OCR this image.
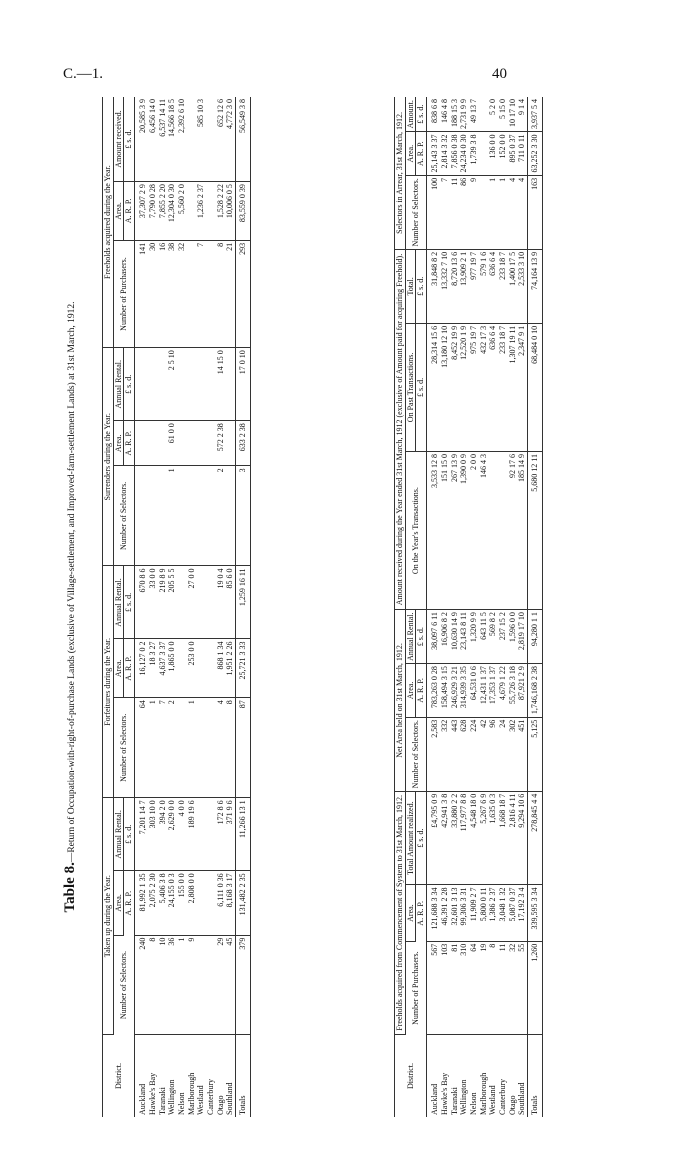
C.—1.	40
Table 8.—Return of Occupation-with-right-of-purchase Lands (exclusive of Village-settlement, and Improved-farm-settlement Lands) at 31st March, 1912.
District.	Taken up during the Year.			Forfeitures during the Year.			Surrenders during the Year.			Freeholds acquired during the Year.		
	Number of Selectors.	Area.	Annual Rental.	Number of Selectors.	Area.	Annual Rental.	Number of Selectors.	Area.	Annual Rental.	Number of Purchasers.	Area.	Amount received.
		A. R. P.	£ s. d.		A. R. P.	£ s. d.		A. R. P.	£ s. d.		A. R. P.	£ s. d.
Auckland	240	81,992 1 35	7,201 14 7	64	16,127 0 2	670 8 6				141	37,307 2 9	20,585 3 9
Hawke's Bay	8	2,075 2 30	303 10 0	1	18 3 27	33 0 0				30	7,790 0 28	6,456 14 0
Taranaki	10	5,406 3 8	394 2 0	7	4,637 3 37	219 8 9				16	7,855 2 20	6,537 14 11
Wellington	36	24,155 0 3	2,629 0 0	2	1,865 0 0	205 5 5	1	61 0 0	2 5 10	38	12,304 0 30	14,566 18 5
Nelson	1	155 0 0	4 0 0							32	5,560 2 0	2,392 6 10
Marlborough	9	2,808 0 0	189 19 6	1	253 0 0	27 0 0						
Westland										7	1,236 2 37	585 10 3
Canterbury												
Otago	29	6,111 0 36	172 8 6	4	868 1 34	19 0 4	2	572 2 38	14 15 0	8	1,528 2 22	652 12 6
Southland	45	8,168 3 17	371 9 6	8	1,951 2 26	85 6 0				21	10,006 0 5	4,772 3 0
Totals	379	131,482 2 35	11,266 13 1	87	25,721 3 33	1,259 16 11	3	633 2 38	17 0 10	293	83,559 0 39	56,549 3 8
District.	Freeholds acquired from Commencement of System to 31st March, 1912.			Net Area held on 31st March, 1912.			Amount received during the Year ended 31st March, 1912 (exclusive of Amount paid for acquiring Freehold).			Selectors in Arrear, 31st March, 1912.		
	Number of Purchasers.	Area.	Total Amount realized.	Number of Selectors.	Area.	Annual Rental.	On the Year's Transactions.	On Past Transactions.	Total.	Number of Selectors.	Area.	Amount.
		A. R. P.	£ s. d.		A. R. P.	£ s. d.		£ s. d.	£ s. d.		A. R. P.	£ s. d.
Auckland	567	121,688 3 34	£4,795 0 9	2,583	783,263 0 28	38,097 6 11	3,533 12 8	28,314 15 6	31,848 8 2	100	25,143 3 37	838 6 8
Hawke's Bay	103	46,391 2 28	42,941 3 8	332	158,494 3 15	16,906 8 2	151 15 0	13,180 12 10	13,332 7 10	7	2,814 3 32	146 4 8
Taranaki	81	32,601 3 13	33,880 2 2	443	246,929 3 21	10,630 14 9	267 13 9	8,452 19 9	8,720 13 6	11	7,856 0 38	188 15 3
Wellington	310	99,306 3 31	117,977 8 8	628	314,939 3 35	23,143 8 11	1,390 0 9	12,520 1 9	13,909 2 1	86	24,234 0 30	2,731 9 9
Nelson	64	11,909 2 7	4,548 18 0	224	64,531 0 6	1,320 9 9	2 0 0	975 19 7	977 19 7	9	1,739 3 8	49 13 7
Marlborough	19	5,800 0 11	5,267 6 9	42	12,431 1 37	643 11 5	146 4 3	432 17 3	579 1 6			
Westland	8	1,386 2 37	1,635 0 3	96	17,353 1 37	569 8 2		636 6 4	636 6 4	1	136 0 0	5 2 0
Canterbury	11	3,048 1 32	1,668 18 7	24	4,679 1 22	237 15 2		233 18 7	233 18 7	1	152 0 0	5 15 0
Otago	32	5,087 0 37	2,816 4 11	302	55,726 3 18	1,596 0 0	92 17 6	1,307 19 11	1,400 17 5	4	895 0 37	10 17 10
Southland	55	17,192 3 4	9,294 10 6	451	87,921 2 9	2,819 17 10	185 14 9	2,347 9 1	2,533 3 10	4	711 0 11	9 1 4
Totals	1,260	339,595 3 34	278,845 4 4	5,125	1,746,168 2 38	94,280 1 1	5,680 12 11	68,484 0 10	74,164 13 9	163	63,252 3 30	3,937 5 4
